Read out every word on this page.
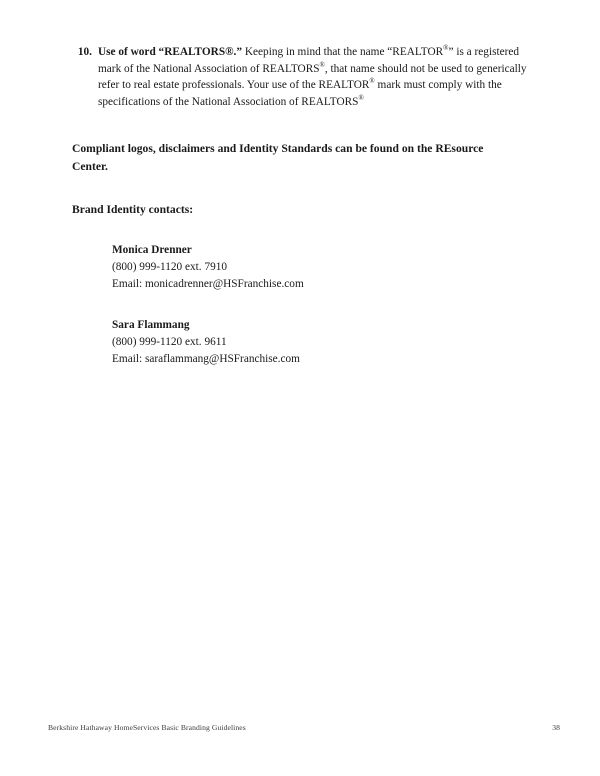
10. Use of word “REALTORS®.” Keeping in mind that the name “REALTOR®” is a registered mark of the National Association of REALTORS®, that name should not be used to generically refer to real estate professionals. Your use of the REALTOR® mark must comply with the specifications of the National Association of REALTORS®
Compliant logos, disclaimers and Identity Standards can be found on the REsource Center.
Brand Identity contacts:
Monica Drenner
(800) 999-1120 ext. 7910
Email: monicadrenner@HSFranchise.com
Sara Flammang
(800) 999-1120 ext. 9611
Email: saraflammang@HSFranchise.com
Berkshire Hathaway HomeServices Basic Branding Guidelines	38
